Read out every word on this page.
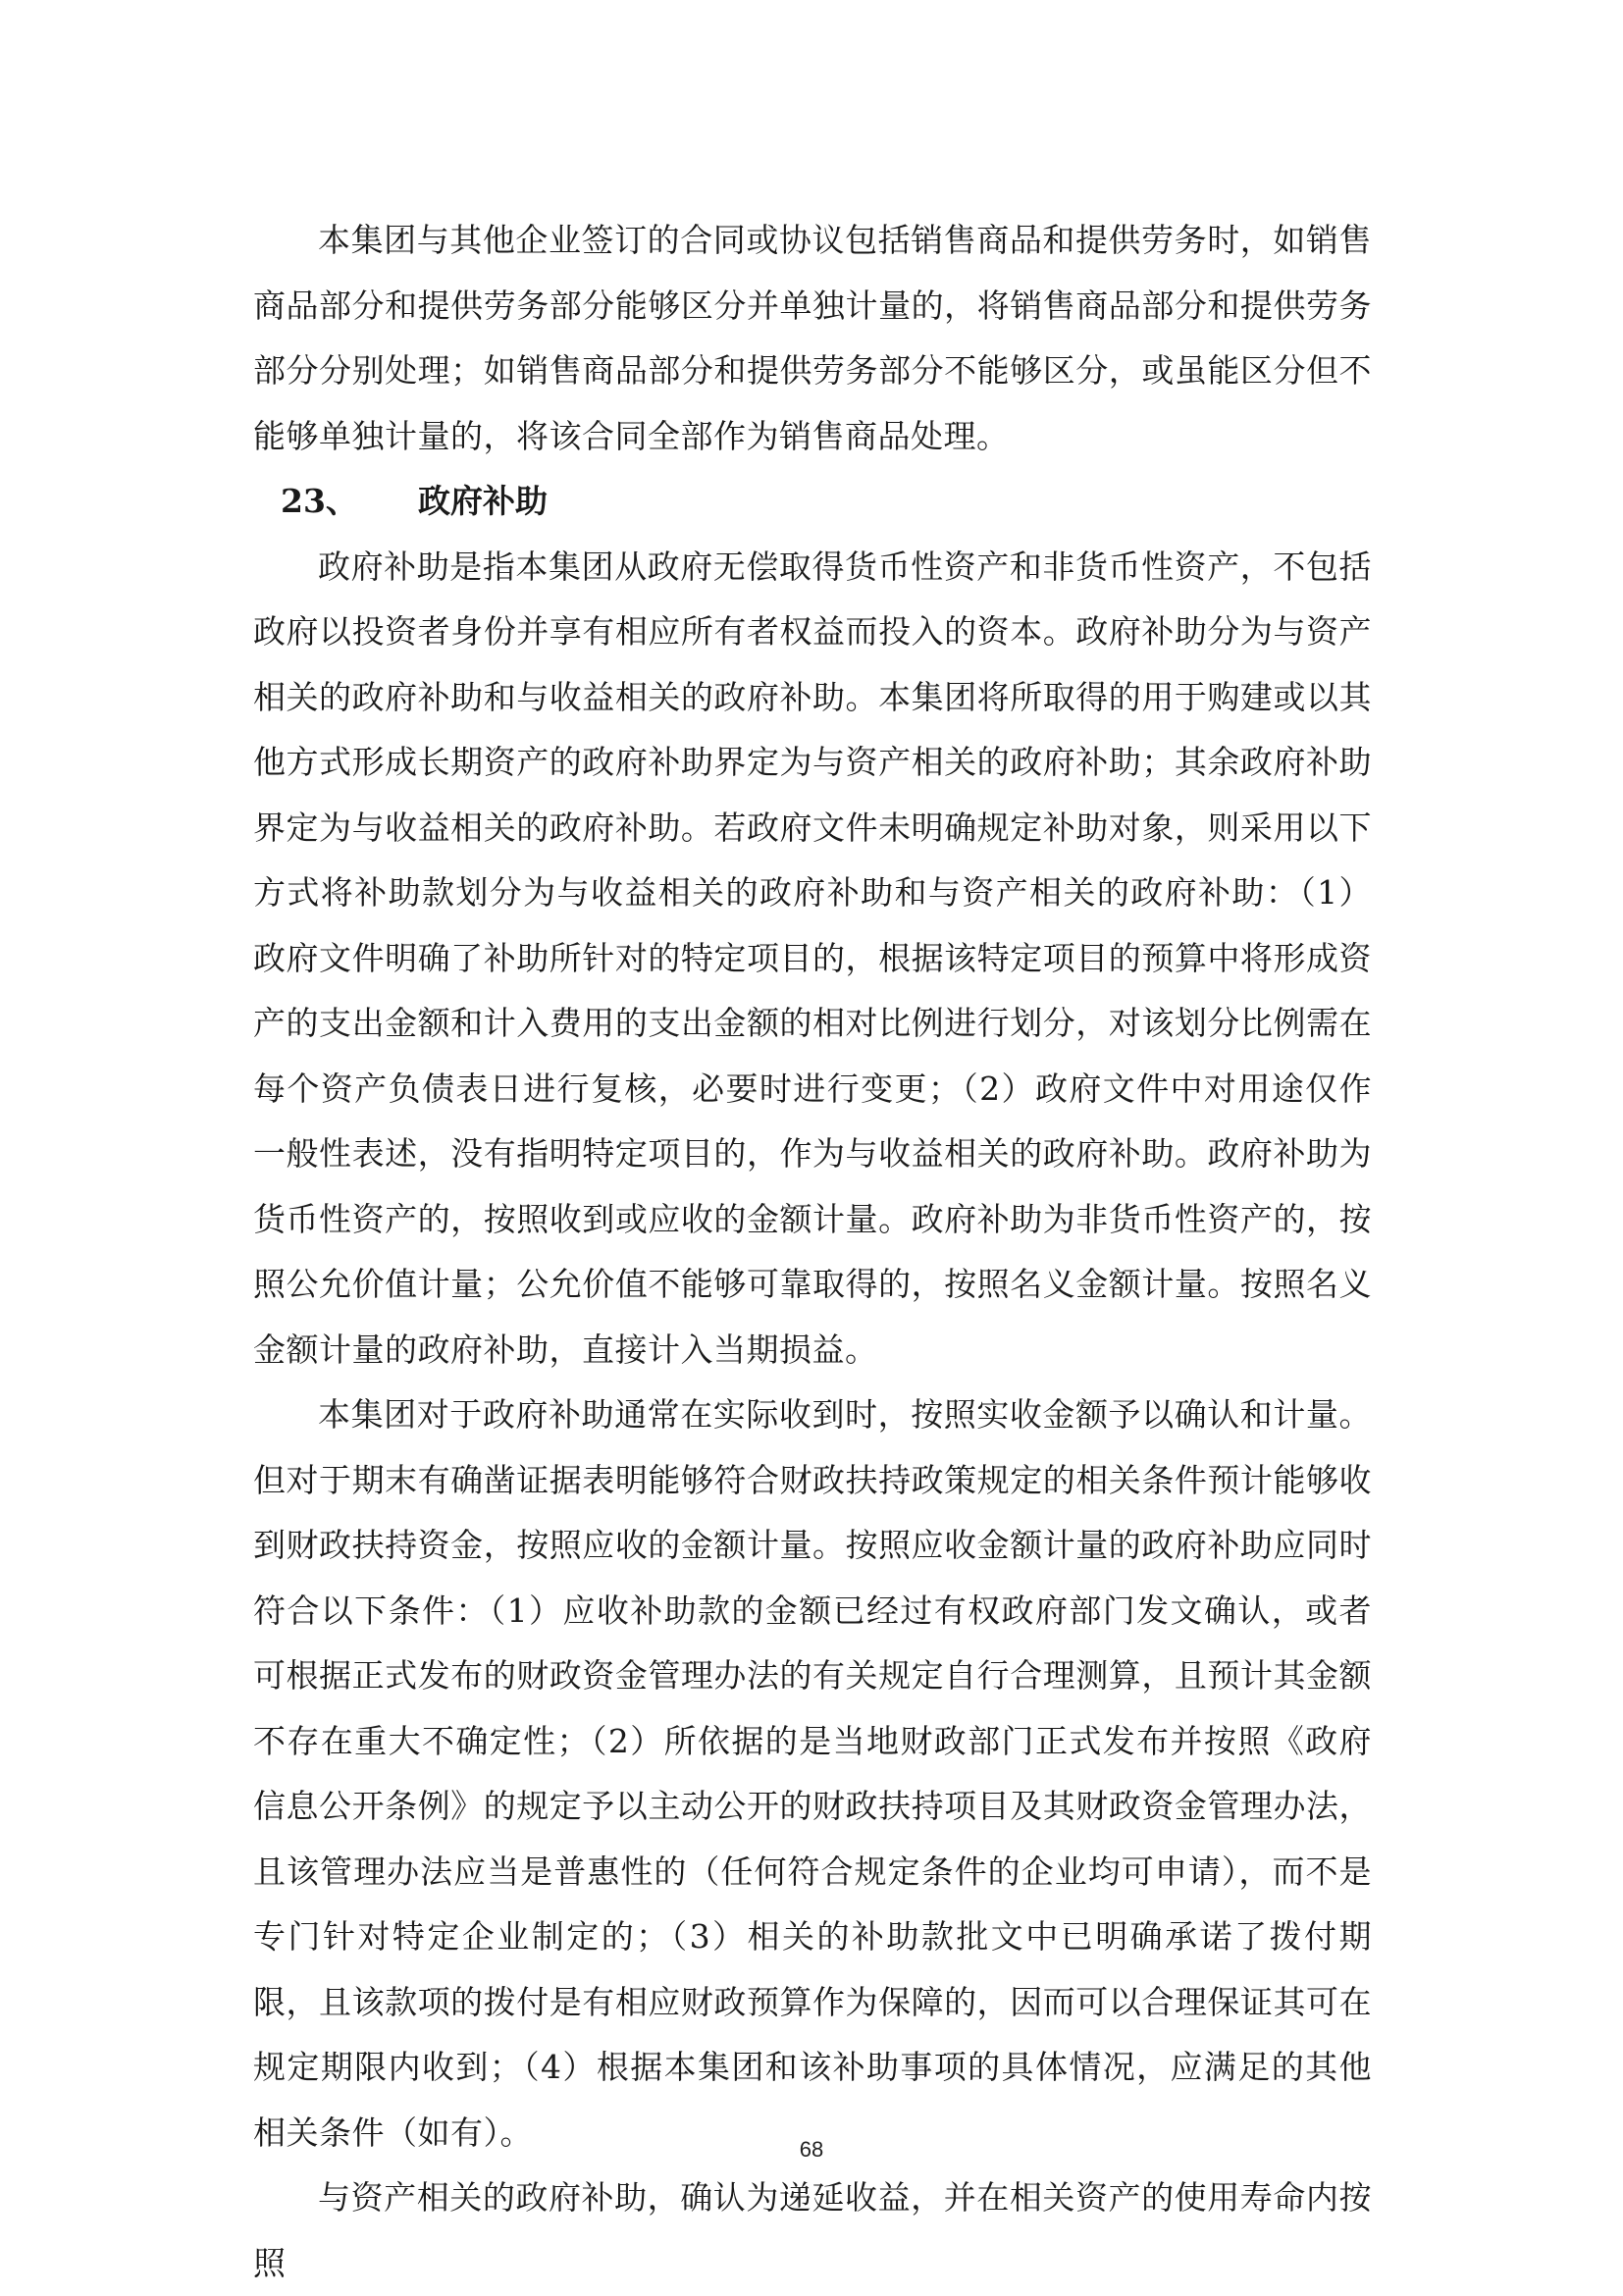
本集团与其他企业签订的合同或协议包括销售商品和提供劳务时，如销售商品部分和提供劳务部分能够区分并单独计量的，将销售商品部分和提供劳务部分分别处理；如销售商品部分和提供劳务部分不能够区分，或虽能区分但不能够单独计量的，将该合同全部作为销售商品处理。

23、 政府补助

政府补助是指本集团从政府无偿取得货币性资产和非货币性资产，不包括政府以投资者身份并享有相应所有者权益而投入的资本。政府补助分为与资产相关的政府补助和与收益相关的政府补助。本集团将所取得的用于购建或以其他方式形成长期资产的政府补助界定为与资产相关的政府补助；其余政府补助界定为与收益相关的政府补助。若政府文件未明确规定补助对象，则采用以下方式将补助款划分为与收益相关的政府补助和与资产相关的政府补助：（1）政府文件明确了补助所针对的特定项目的，根据该特定项目的预算中将形成资产的支出金额和计入费用的支出金额的相对比例进行划分，对该划分比例需在每个资产负债表日进行复核，必要时进行变更；（2）政府文件中对用途仅作一般性表述，没有指明特定项目的，作为与收益相关的政府补助。政府补助为货币性资产的，按照收到或应收的金额计量。政府补助为非货币性资产的，按照公允价值计量；公允价值不能够可靠取得的，按照名义金额计量。按照名义金额计量的政府补助，直接计入当期损益。

本集团对于政府补助通常在实际收到时，按照实收金额予以确认和计量。但对于期末有确凿证据表明能够符合财政扶持政策规定的相关条件预计能够收到财政扶持资金，按照应收的金额计量。按照应收金额计量的政府补助应同时符合以下条件：（1）应收补助款的金额已经过有权政府部门发文确认，或者可根据正式发布的财政资金管理办法的有关规定自行合理测算，且预计其金额不存在重大不确定性；（2）所依据的是当地财政部门正式发布并按照《政府信息公开条例》的规定予以主动公开的财政扶持项目及其财政资金管理办法，且该管理办法应当是普惠性的（任何符合规定条件的企业均可申请），而不是专门针对特定企业制定的；（3）相关的补助款批文中已明确承诺了拨付期限，且该款项的拨付是有相应财政预算作为保障的，因而可以合理保证其可在规定期限内收到；（4）根据本集团和该补助事项的具体情况，应满足的其他相关条件（如有）。

与资产相关的政府补助，确认为递延收益，并在相关资产的使用寿命内按照

68
